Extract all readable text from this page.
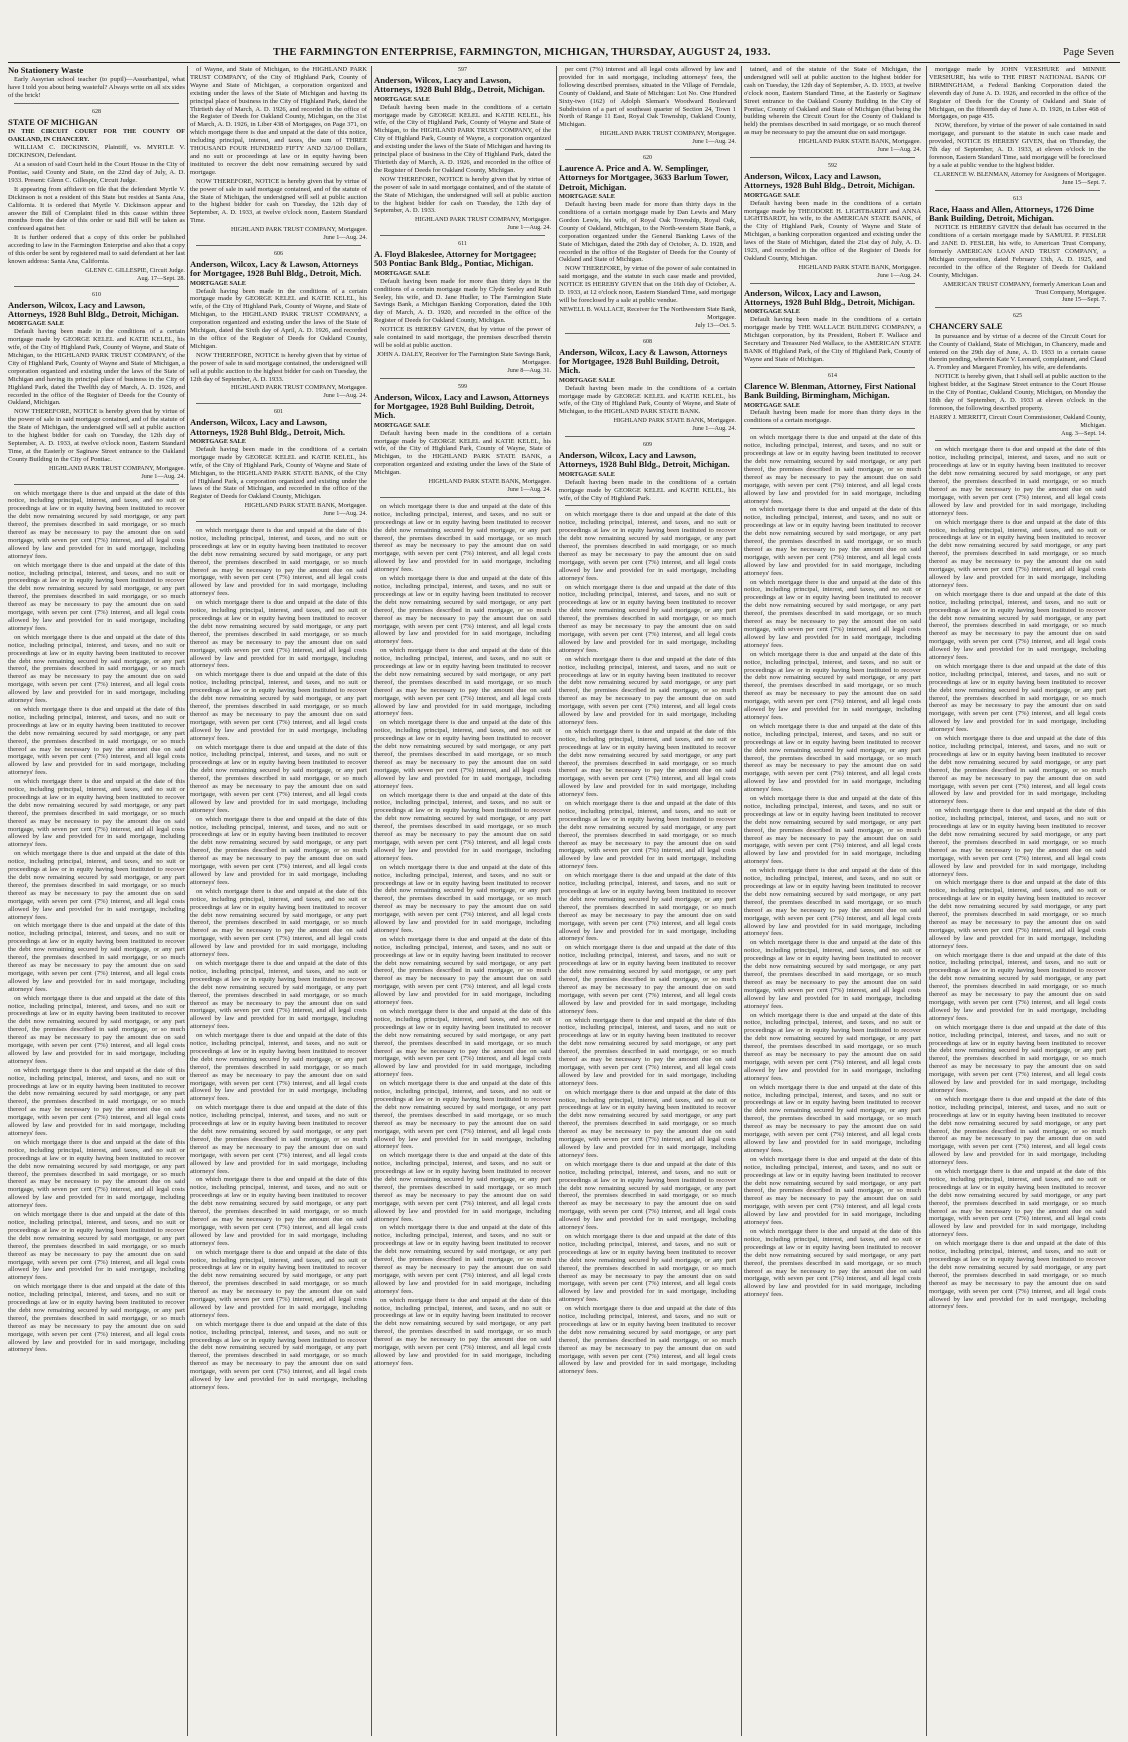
THE FARMINGTON ENTERPRISE, FARMINGTON, MICHIGAN, THURSDAY, AUGUST 24, 1933.	Page Seven
No Stationery Waste

Early Assyrian school teacher (to pupil)—Assurbanipal, what have I told you about being wasteful? Always write on all six sides of the brick!

628
STATE OF MICHIGAN
IN THE CIRCUIT COURT FOR THE COUNTY OF OAKLAND, IN CHANCERY.

WILLIAM C. DICKINSON, Plaintiff, vs. MYRTLE V. DICKINSON, Defendant.

At a session of said Court held in the Court House in the City of Pontiac, said County and State, on the 22nd day of July, A. D. 1933. Present: Glenn C. Gillespie, Circuit Judge.

It appearing from affidavit on file that the defendant Myrtle V. Dickinson is not a resident of this State but resides at Santa Ana, California. It is ordered that Myrtle V. Dickinson appear and answer the Bill of Complaint filed in this cause within three months from the date of this order or said Bill will be taken as confessed against her.

It is further ordered that a copy of this order be published according to law in the Farmington Enterprise and also that a copy of this order be sent by registered mail to said defendant at her last known address: Santa Ana, California.

GLENN C. GILLESPIE, Circuit Judge.
Aug. 17—Sept. 28.
610
Anderson, Wilcox, Lacy and Lawson, Attorneys, 1928 Buhl Bldg., Detroit, Michigan.
MORTGAGE SALE

Default having been made in the conditions of a certain mortgage made by GEORGE KELEL and KATIE KELEL, his wife, of the City of Highland Park, County of Wayne, and State of Michigan, to the HIGHLAND PARK TRUST COMPANY, of the City of Highland Park, County of Wayne and State of Michigan, a corporation organized and existing under the laws of the State of Michigan and having its principal place of business in the City of Highland Park, dated the Twelfth day of March, A. D. 1926, and recorded in the office of the Register of Deeds for the County of Oakland, Michigan.

NOW THEREFORE, NOTICE is hereby given that by virtue of the power of sale in said mortgage contained, and of the statute of the State of Michigan, the undersigned will sell at public auction to the highest bidder for cash on Tuesday, the 12th day of September, A. D. 1933, at twelve o'clock noon, Eastern Standard Time, at the Easterly or Saginaw Street entrance to the Oakland County Building in the City of Pontiac.

HIGHLAND PARK TRUST COMPANY, Mortgagee.
June 1—Aug. 24.

on which mortgage there is due and unpaid at the date of this notice, including principal, interest, and taxes, and no suit or proceedings at law or in equity having been instituted to recover the debt now remaining secured by said mortgage, or any part thereof, the premises described in said mortgage, or so much thereof as may be necessary to pay the amount due on said mortgage, with seven per cent (7%) interest, and all legal costs allowed by law and provided for in said mortgage, including attorneys' fees.

on which mortgage there is due and unpaid at the date of this notice, including principal, interest, and taxes, and no suit or proceedings at law or in equity having been instituted to recover the debt now remaining secured by said mortgage, or any part thereof, the premises described in said mortgage, or so much thereof as may be necessary to pay the amount due on said mortgage, with seven per cent (7%) interest, and all legal costs allowed by law and provided for in said mortgage, including attorneys' fees.

on which mortgage there is due and unpaid at the date of this notice, including principal, interest, and taxes, and no suit or proceedings at law or in equity having been instituted to recover the debt now remaining secured by said mortgage, or any part thereof, the premises described in said mortgage, or so much thereof as may be necessary to pay the amount due on said mortgage, with seven per cent (7%) interest, and all legal costs allowed by law and provided for in said mortgage, including attorneys' fees.

on which mortgage there is due and unpaid at the date of this notice, including principal, interest, and taxes, and no suit or proceedings at law or in equity having been instituted to recover the debt now remaining secured by said mortgage, or any part thereof, the premises described in said mortgage, or so much thereof as may be necessary to pay the amount due on said mortgage, with seven per cent (7%) interest, and all legal costs allowed by law and provided for in said mortgage, including attorneys' fees.

on which mortgage there is due and unpaid at the date of this notice, including principal, interest, and taxes, and no suit or proceedings at law or in equity having been instituted to recover the debt now remaining secured by said mortgage, or any part thereof, the premises described in said mortgage, or so much thereof as may be necessary to pay the amount due on said mortgage, with seven per cent (7%) interest, and all legal costs allowed by law and provided for in said mortgage, including attorneys' fees.

on which mortgage there is due and unpaid at the date of this notice, including principal, interest, and taxes, and no suit or proceedings at law or in equity having been instituted to recover the debt now remaining secured by said mortgage, or any part thereof, the premises described in said mortgage, or so much thereof as may be necessary to pay the amount due on said mortgage, with seven per cent (7%) interest, and all legal costs allowed by law and provided for in said mortgage, including attorneys' fees.

on which mortgage there is due and unpaid at the date of this notice, including principal, interest, and taxes, and no suit or proceedings at law or in equity having been instituted to recover the debt now remaining secured by said mortgage, or any part thereof, the premises described in said mortgage, or so much thereof as may be necessary to pay the amount due on said mortgage, with seven per cent (7%) interest, and all legal costs allowed by law and provided for in said mortgage, including attorneys' fees.

on which mortgage there is due and unpaid at the date of this notice, including principal, interest, and taxes, and no suit or proceedings at law or in equity having been instituted to recover the debt now remaining secured by said mortgage, or any part thereof, the premises described in said mortgage, or so much thereof as may be necessary to pay the amount due on said mortgage, with seven per cent (7%) interest, and all legal costs allowed by law and provided for in said mortgage, including attorneys' fees.

on which mortgage there is due and unpaid at the date of this notice, including principal, interest, and taxes, and no suit or proceedings at law or in equity having been instituted to recover the debt now remaining secured by said mortgage, or any part thereof, the premises described in said mortgage, or so much thereof as may be necessary to pay the amount due on said mortgage, with seven per cent (7%) interest, and all legal costs allowed by law and provided for in said mortgage, including attorneys' fees.

on which mortgage there is due and unpaid at the date of this notice, including principal, interest, and taxes, and no suit or proceedings at law or in equity having been instituted to recover the debt now remaining secured by said mortgage, or any part thereof, the premises described in said mortgage, or so much thereof as may be necessary to pay the amount due on said mortgage, with seven per cent (7%) interest, and all legal costs allowed by law and provided for in said mortgage, including attorneys' fees.

on which mortgage there is due and unpaid at the date of this notice, including principal, interest, and taxes, and no suit or proceedings at law or in equity having been instituted to recover the debt now remaining secured by said mortgage, or any part thereof, the premises described in said mortgage, or so much thereof as may be necessary to pay the amount due on said mortgage, with seven per cent (7%) interest, and all legal costs allowed by law and provided for in said mortgage, including attorneys' fees.

on which mortgage there is due and unpaid at the date of this notice, including principal, interest, and taxes, and no suit or proceedings at law or in equity having been instituted to recover the debt now remaining secured by said mortgage, or any part thereof, the premises described in said mortgage, or so much thereof as may be necessary to pay the amount due on said mortgage, with seven per cent (7%) interest, and all legal costs allowed by law and provided for in said mortgage, including attorneys' fees.

of Wayne, and State of Michigan, to the HIGHLAND PARK TRUST COMPANY, of the City of Highland Park, County of Wayne and State of Michigan, a corporation organized and existing under the laws of the State of Michigan and having its principal place of business in the City of Highland Park, dated the Thirtieth day of March, A. D. 1926, and recorded in the office of the Register of Deeds for Oakland County, Michigan, on the 31st of March, A. D. 1926, in Liber 438 of Mortgages, on Page 371, on which mortgage there is due and unpaid at the date of this notice, including principal, interest, and taxes, the sum of THREE THOUSAND FOUR HUNDRED FIFTY AND 32/100 Dollars, and no suit or proceedings at law or in equity having been instituted to recover the debt now remaining secured by said mortgage.

NOW THEREFORE, NOTICE is hereby given that by virtue of the power of sale in said mortgage contained, and of the statute of the State of Michigan, the undersigned will sell at public auction to the highest bidder for cash on Tuesday, the 12th day of September, A. D. 1933, at twelve o'clock noon, Eastern Standard Time.

HIGHLAND PARK TRUST COMPANY, Mortgagee.
June 1—Aug. 24.
606
Anderson, Wilcox, Lacy & Lawson, Attorneys for Mortgagee, 1928 Buhl Bldg., Detroit, Mich.
MORTGAGE SALE

Default having been made in the conditions of a certain mortgage made by GEORGE KELEL and KATIE KELEL, his wife, of the City of Highland Park, County of Wayne, and State of Michigan, to the HIGHLAND PARK TRUST COMPANY, a corporation organized and existing under the laws of the State of Michigan, dated the Sixth day of April, A. D. 1926, and recorded in the office of the Register of Deeds for Oakland County, Michigan.

NOW THEREFORE, NOTICE is hereby given that by virtue of the power of sale in said mortgage contained, the undersigned will sell at public auction to the highest bidder for cash on Tuesday, the 12th day of September, A. D. 1933.

HIGHLAND PARK TRUST COMPANY, Mortgagee.
June 1—Aug. 24.
601
Anderson, Wilcox, Lacy and Lawson, Attorneys, 1928 Buhl Bldg., Detroit, Mich.
MORTGAGE SALE

Default having been made in the conditions of a certain mortgage made by GEORGE KELEL and KATIE KELEL, his wife, of the City of Highland Park, County of Wayne and State of Michigan, to the HIGHLAND PARK STATE BANK, of the City of Highland Park, a corporation organized and existing under the laws of the State of Michigan, and recorded in the office of the Register of Deeds for Oakland County, Michigan.

HIGHLAND PARK STATE BANK, Mortgagee.
June 1—Aug. 24.

on which mortgage there is due and unpaid at the date of this notice, including principal, interest, and taxes, and no suit or proceedings at law or in equity having been instituted to recover the debt now remaining secured by said mortgage, or any part thereof, the premises described in said mortgage, or so much thereof as may be necessary to pay the amount due on said mortgage, with seven per cent (7%) interest, and all legal costs allowed by law and provided for in said mortgage, including attorneys' fees.

on which mortgage there is due and unpaid at the date of this notice, including principal, interest, and taxes, and no suit or proceedings at law or in equity having been instituted to recover the debt now remaining secured by said mortgage, or any part thereof, the premises described in said mortgage, or so much thereof as may be necessary to pay the amount due on said mortgage, with seven per cent (7%) interest, and all legal costs allowed by law and provided for in said mortgage, including attorneys' fees.

on which mortgage there is due and unpaid at the date of this notice, including principal, interest, and taxes, and no suit or proceedings at law or in equity having been instituted to recover the debt now remaining secured by said mortgage, or any part thereof, the premises described in said mortgage, or so much thereof as may be necessary to pay the amount due on said mortgage, with seven per cent (7%) interest, and all legal costs allowed by law and provided for in said mortgage, including attorneys' fees.

on which mortgage there is due and unpaid at the date of this notice, including principal, interest, and taxes, and no suit or proceedings at law or in equity having been instituted to recover the debt now remaining secured by said mortgage, or any part thereof, the premises described in said mortgage, or so much thereof as may be necessary to pay the amount due on said mortgage, with seven per cent (7%) interest, and all legal costs allowed by law and provided for in said mortgage, including attorneys' fees.

on which mortgage there is due and unpaid at the date of this notice, including principal, interest, and taxes, and no suit or proceedings at law or in equity having been instituted to recover the debt now remaining secured by said mortgage, or any part thereof, the premises described in said mortgage, or so much thereof as may be necessary to pay the amount due on said mortgage, with seven per cent (7%) interest, and all legal costs allowed by law and provided for in said mortgage, including attorneys' fees.

on which mortgage there is due and unpaid at the date of this notice, including principal, interest, and taxes, and no suit or proceedings at law or in equity having been instituted to recover the debt now remaining secured by said mortgage, or any part thereof, the premises described in said mortgage, or so much thereof as may be necessary to pay the amount due on said mortgage, with seven per cent (7%) interest, and all legal costs allowed by law and provided for in said mortgage, including attorneys' fees.

on which mortgage there is due and unpaid at the date of this notice, including principal, interest, and taxes, and no suit or proceedings at law or in equity having been instituted to recover the debt now remaining secured by said mortgage, or any part thereof, the premises described in said mortgage, or so much thereof as may be necessary to pay the amount due on said mortgage, with seven per cent (7%) interest, and all legal costs allowed by law and provided for in said mortgage, including attorneys' fees.

on which mortgage there is due and unpaid at the date of this notice, including principal, interest, and taxes, and no suit or proceedings at law or in equity having been instituted to recover the debt now remaining secured by said mortgage, or any part thereof, the premises described in said mortgage, or so much thereof as may be necessary to pay the amount due on said mortgage, with seven per cent (7%) interest, and all legal costs allowed by law and provided for in said mortgage, including attorneys' fees.

on which mortgage there is due and unpaid at the date of this notice, including principal, interest, and taxes, and no suit or proceedings at law or in equity having been instituted to recover the debt now remaining secured by said mortgage, or any part thereof, the premises described in said mortgage, or so much thereof as may be necessary to pay the amount due on said mortgage, with seven per cent (7%) interest, and all legal costs allowed by law and provided for in said mortgage, including attorneys' fees.

on which mortgage there is due and unpaid at the date of this notice, including principal, interest, and taxes, and no suit or proceedings at law or in equity having been instituted to recover the debt now remaining secured by said mortgage, or any part thereof, the premises described in said mortgage, or so much thereof as may be necessary to pay the amount due on said mortgage, with seven per cent (7%) interest, and all legal costs allowed by law and provided for in said mortgage, including attorneys' fees.

on which mortgage there is due and unpaid at the date of this notice, including principal, interest, and taxes, and no suit or proceedings at law or in equity having been instituted to recover the debt now remaining secured by said mortgage, or any part thereof, the premises described in said mortgage, or so much thereof as may be necessary to pay the amount due on said mortgage, with seven per cent (7%) interest, and all legal costs allowed by law and provided for in said mortgage, including attorneys' fees.

on which mortgage there is due and unpaid at the date of this notice, including principal, interest, and taxes, and no suit or proceedings at law or in equity having been instituted to recover the debt now remaining secured by said mortgage, or any part thereof, the premises described in said mortgage, or so much thereof as may be necessary to pay the amount due on said mortgage, with seven per cent (7%) interest, and all legal costs allowed by law and provided for in said mortgage, including attorneys' fees.

597
Anderson, Wilcox, Lacy and Lawson, Attorneys, 1928 Buhl Bldg., Detroit, Michigan.
MORTGAGE SALE

Default having been made in the conditions of a certain mortgage made by GEORGE KELEL and KATIE KELEL, his wife, of the City of Highland Park, County of Wayne and State of Michigan, to the HIGHLAND PARK TRUST COMPANY, of the City of Highland Park, County of Wayne, a corporation organized and existing under the laws of the State of Michigan and having its principal place of business in the City of Highland Park, dated the Thirtieth day of March, A. D. 1926, and recorded in the office of the Register of Deeds for Oakland County, Michigan.

NOW THEREFORE, NOTICE is hereby given that by virtue of the power of sale in said mortgage contained, and of the statute of the State of Michigan, the undersigned will sell at public auction to the highest bidder for cash on Tuesday, the 12th day of September, A. D. 1933.

HIGHLAND PARK TRUST COMPANY, Mortgagee.
June 1—Aug. 24.
611
A. Floyd Blakeslee, Attorney for Mortgagee; 503 Pontiac Bank Bldg., Pontiac, Michigan.
MORTGAGE SALE

Default having been made for more than thirty days in the conditions of a certain mortgage made by Clyde Seeley and Ruth Seeley, his wife, and D. Jane Hudler, to The Farmington State Savings Bank, a Michigan Banking Corporation, dated the 10th day of March, A. D. 1920, and recorded in the office of the Register of Deeds for Oakland County, Michigan.

NOTICE IS HEREBY GIVEN, that by virtue of the power of sale contained in said mortgage, the premises described therein will be sold at public auction.

JOHN A. DALEY, Receiver for The Farmington State Savings Bank, Mortgagee.
June 8—Aug. 31.
599
Anderson, Wilcox, Lacy and Lawson, Attorneys for Mortgagee, 1928 Buhl Building, Detroit, Mich.
MORTGAGE SALE

Default having been made in the conditions of a certain mortgage made by GEORGE KELEL and KATIE KELEL, his wife, of the City of Highland Park, County of Wayne, State of Michigan, to the HIGHLAND PARK STATE BANK, a corporation organized and existing under the laws of the State of Michigan.

HIGHLAND PARK STATE BANK, Mortgagee.
June 1—Aug. 24.

on which mortgage there is due and unpaid at the date of this notice, including principal, interest, and taxes, and no suit or proceedings at law or in equity having been instituted to recover the debt now remaining secured by said mortgage, or any part thereof, the premises described in said mortgage, or so much thereof as may be necessary to pay the amount due on said mortgage, with seven per cent (7%) interest, and all legal costs allowed by law and provided for in said mortgage, including attorneys' fees.

on which mortgage there is due and unpaid at the date of this notice, including principal, interest, and taxes, and no suit or proceedings at law or in equity having been instituted to recover the debt now remaining secured by said mortgage, or any part thereof, the premises described in said mortgage, or so much thereof as may be necessary to pay the amount due on said mortgage, with seven per cent (7%) interest, and all legal costs allowed by law and provided for in said mortgage, including attorneys' fees.

on which mortgage there is due and unpaid at the date of this notice, including principal, interest, and taxes, and no suit or proceedings at law or in equity having been instituted to recover the debt now remaining secured by said mortgage, or any part thereof, the premises described in said mortgage, or so much thereof as may be necessary to pay the amount due on said mortgage, with seven per cent (7%) interest, and all legal costs allowed by law and provided for in said mortgage, including attorneys' fees.

on which mortgage there is due and unpaid at the date of this notice, including principal, interest, and taxes, and no suit or proceedings at law or in equity having been instituted to recover the debt now remaining secured by said mortgage, or any part thereof, the premises described in said mortgage, or so much thereof as may be necessary to pay the amount due on said mortgage, with seven per cent (7%) interest, and all legal costs allowed by law and provided for in said mortgage, including attorneys' fees.

on which mortgage there is due and unpaid at the date of this notice, including principal, interest, and taxes, and no suit or proceedings at law or in equity having been instituted to recover the debt now remaining secured by said mortgage, or any part thereof, the premises described in said mortgage, or so much thereof as may be necessary to pay the amount due on said mortgage, with seven per cent (7%) interest, and all legal costs allowed by law and provided for in said mortgage, including attorneys' fees.

on which mortgage there is due and unpaid at the date of this notice, including principal, interest, and taxes, and no suit or proceedings at law or in equity having been instituted to recover the debt now remaining secured by said mortgage, or any part thereof, the premises described in said mortgage, or so much thereof as may be necessary to pay the amount due on said mortgage, with seven per cent (7%) interest, and all legal costs allowed by law and provided for in said mortgage, including attorneys' fees.

on which mortgage there is due and unpaid at the date of this notice, including principal, interest, and taxes, and no suit or proceedings at law or in equity having been instituted to recover the debt now remaining secured by said mortgage, or any part thereof, the premises described in said mortgage, or so much thereof as may be necessary to pay the amount due on said mortgage, with seven per cent (7%) interest, and all legal costs allowed by law and provided for in said mortgage, including attorneys' fees.

on which mortgage there is due and unpaid at the date of this notice, including principal, interest, and taxes, and no suit or proceedings at law or in equity having been instituted to recover the debt now remaining secured by said mortgage, or any part thereof, the premises described in said mortgage, or so much thereof as may be necessary to pay the amount due on said mortgage, with seven per cent (7%) interest, and all legal costs allowed by law and provided for in said mortgage, including attorneys' fees.

on which mortgage there is due and unpaid at the date of this notice, including principal, interest, and taxes, and no suit or proceedings at law or in equity having been instituted to recover the debt now remaining secured by said mortgage, or any part thereof, the premises described in said mortgage, or so much thereof as may be necessary to pay the amount due on said mortgage, with seven per cent (7%) interest, and all legal costs allowed by law and provided for in said mortgage, including attorneys' fees.

on which mortgage there is due and unpaid at the date of this notice, including principal, interest, and taxes, and no suit or proceedings at law or in equity having been instituted to recover the debt now remaining secured by said mortgage, or any part thereof, the premises described in said mortgage, or so much thereof as may be necessary to pay the amount due on said mortgage, with seven per cent (7%) interest, and all legal costs allowed by law and provided for in said mortgage, including attorneys' fees.

on which mortgage there is due and unpaid at the date of this notice, including principal, interest, and taxes, and no suit or proceedings at law or in equity having been instituted to recover the debt now remaining secured by said mortgage, or any part thereof, the premises described in said mortgage, or so much thereof as may be necessary to pay the amount due on said mortgage, with seven per cent (7%) interest, and all legal costs allowed by law and provided for in said mortgage, including attorneys' fees.

on which mortgage there is due and unpaid at the date of this notice, including principal, interest, and taxes, and no suit or proceedings at law or in equity having been instituted to recover the debt now remaining secured by said mortgage, or any part thereof, the premises described in said mortgage, or so much thereof as may be necessary to pay the amount due on said mortgage, with seven per cent (7%) interest, and all legal costs allowed by law and provided for in said mortgage, including attorneys' fees.

per cent (7%) interest and all legal costs allowed by law and provided for in said mortgage, including attorneys' fees, the following described premises, situated in the Village of Ferndale, County of Oakland, and State of Michigan: Lot No. One Hundred Sixty-two (162) of Adolph Sleman's Woodward Boulevard Subdivision of a part of southeast quarter of Section 24, Town 1 North of Range 11 East, Royal Oak Township, Oakland County, Michigan.

HIGHLAND PARK TRUST COMPANY, Mortgagee.
June 1—Aug. 24.
620
Laurence A. Price and A. W. Semplinger, Attorneys for Mortgagee, 3633 Barlum Tower, Detroit, Michigan.
MORTGAGE SALE

Default having been made for more than thirty days in the conditions of a certain mortgage made by Dan Lewis and Mary Gordon Lewis, his wife, of Royal Oak Township, Royal Oak, County of Oakland, Michigan, to the North-western State Bank, a corporation organized under the General Banking Laws of the State of Michigan, dated the 29th day of October, A. D. 1928, and recorded in the office of the Register of Deeds for the County of Oakland and State of Michigan.

NOW THEREFORE, by virtue of the power of sale contained in said mortgage, and the statute in such case made and provided, NOTICE IS HEREBY GIVEN that on the 16th day of October, A. D. 1933, at 12 o'clock noon, Eastern Standard Time, said mortgage will be foreclosed by a sale at public vendue.

NEWELL B. WALLACE, Receiver for The Northwestern State Bank, Mortgagee.
July 13—Oct. 5.
608
Anderson, Wilcox, Lacy & Lawson, Attorneys for Mortgagee, 1928 Buhl Building, Detroit, Mich.
MORTGAGE SALE

Default having been made in the conditions of a certain mortgage made by GEORGE KELEL and KATIE KELEL, his wife, of the City of Highland Park, County of Wayne, and State of Michigan, to the HIGHLAND PARK STATE BANK.

HIGHLAND PARK STATE BANK, Mortgagee.
June 1—Aug. 24.
609
Anderson, Wilcox, Lacy and Lawson, Attorneys, 1928 Buhl Bldg., Detroit, Michigan.
MORTGAGE SALE

Default having been made in the conditions of a certain mortgage made by GEORGE KELEL and KATIE KELEL, his wife, of the City of Highland Park.

on which mortgage there is due and unpaid at the date of this notice, including principal, interest, and taxes, and no suit or proceedings at law or in equity having been instituted to recover the debt now remaining secured by said mortgage, or any part thereof, the premises described in said mortgage, or so much thereof as may be necessary to pay the amount due on said mortgage, with seven per cent (7%) interest, and all legal costs allowed by law and provided for in said mortgage, including attorneys' fees.

on which mortgage there is due and unpaid at the date of this notice, including principal, interest, and taxes, and no suit or proceedings at law or in equity having been instituted to recover the debt now remaining secured by said mortgage, or any part thereof, the premises described in said mortgage, or so much thereof as may be necessary to pay the amount due on said mortgage, with seven per cent (7%) interest, and all legal costs allowed by law and provided for in said mortgage, including attorneys' fees.

on which mortgage there is due and unpaid at the date of this notice, including principal, interest, and taxes, and no suit or proceedings at law or in equity having been instituted to recover the debt now remaining secured by said mortgage, or any part thereof, the premises described in said mortgage, or so much thereof as may be necessary to pay the amount due on said mortgage, with seven per cent (7%) interest, and all legal costs allowed by law and provided for in said mortgage, including attorneys' fees.

on which mortgage there is due and unpaid at the date of this notice, including principal, interest, and taxes, and no suit or proceedings at law or in equity having been instituted to recover the debt now remaining secured by said mortgage, or any part thereof, the premises described in said mortgage, or so much thereof as may be necessary to pay the amount due on said mortgage, with seven per cent (7%) interest, and all legal costs allowed by law and provided for in said mortgage, including attorneys' fees.

on which mortgage there is due and unpaid at the date of this notice, including principal, interest, and taxes, and no suit or proceedings at law or in equity having been instituted to recover the debt now remaining secured by said mortgage, or any part thereof, the premises described in said mortgage, or so much thereof as may be necessary to pay the amount due on said mortgage, with seven per cent (7%) interest, and all legal costs allowed by law and provided for in said mortgage, including attorneys' fees.

on which mortgage there is due and unpaid at the date of this notice, including principal, interest, and taxes, and no suit or proceedings at law or in equity having been instituted to recover the debt now remaining secured by said mortgage, or any part thereof, the premises described in said mortgage, or so much thereof as may be necessary to pay the amount due on said mortgage, with seven per cent (7%) interest, and all legal costs allowed by law and provided for in said mortgage, including attorneys' fees.

on which mortgage there is due and unpaid at the date of this notice, including principal, interest, and taxes, and no suit or proceedings at law or in equity having been instituted to recover the debt now remaining secured by said mortgage, or any part thereof, the premises described in said mortgage, or so much thereof as may be necessary to pay the amount due on said mortgage, with seven per cent (7%) interest, and all legal costs allowed by law and provided for in said mortgage, including attorneys' fees.

on which mortgage there is due and unpaid at the date of this notice, including principal, interest, and taxes, and no suit or proceedings at law or in equity having been instituted to recover the debt now remaining secured by said mortgage, or any part thereof, the premises described in said mortgage, or so much thereof as may be necessary to pay the amount due on said mortgage, with seven per cent (7%) interest, and all legal costs allowed by law and provided for in said mortgage, including attorneys' fees.

on which mortgage there is due and unpaid at the date of this notice, including principal, interest, and taxes, and no suit or proceedings at law or in equity having been instituted to recover the debt now remaining secured by said mortgage, or any part thereof, the premises described in said mortgage, or so much thereof as may be necessary to pay the amount due on said mortgage, with seven per cent (7%) interest, and all legal costs allowed by law and provided for in said mortgage, including attorneys' fees.

on which mortgage there is due and unpaid at the date of this notice, including principal, interest, and taxes, and no suit or proceedings at law or in equity having been instituted to recover the debt now remaining secured by said mortgage, or any part thereof, the premises described in said mortgage, or so much thereof as may be necessary to pay the amount due on said mortgage, with seven per cent (7%) interest, and all legal costs allowed by law and provided for in said mortgage, including attorneys' fees.

on which mortgage there is due and unpaid at the date of this notice, including principal, interest, and taxes, and no suit or proceedings at law or in equity having been instituted to recover the debt now remaining secured by said mortgage, or any part thereof, the premises described in said mortgage, or so much thereof as may be necessary to pay the amount due on said mortgage, with seven per cent (7%) interest, and all legal costs allowed by law and provided for in said mortgage, including attorneys' fees.

on which mortgage there is due and unpaid at the date of this notice, including principal, interest, and taxes, and no suit or proceedings at law or in equity having been instituted to recover the debt now remaining secured by said mortgage, or any part thereof, the premises described in said mortgage, or so much thereof as may be necessary to pay the amount due on said mortgage, with seven per cent (7%) interest, and all legal costs allowed by law and provided for in said mortgage, including attorneys' fees.

tained, and of the statute of the State of Michigan, the undersigned will sell at public auction to the highest bidder for cash on Tuesday, the 12th day of September, A. D. 1933, at twelve o'clock noon, Eastern Standard Time, at the Easterly or Saginaw Street entrance to the Oakland County Building in the City of Pontiac, County of Oakland and State of Michigan (that being the building wherein the Circuit Court for the County of Oakland is held) the premises described in said mortgage, or so much thereof as may be necessary to pay the amount due on said mortgage.

HIGHLAND PARK STATE BANK, Mortgagee.
June 1—Aug. 24.
592
Anderson, Wilcox, Lacy and Lawson, Attorneys, 1928 Buhl Bldg., Detroit, Michigan.
MORTGAGE SALE

Default having been made in the conditions of a certain mortgage made by THEODORE H. LIGHTBARDT and ANNA LIGHTBARDT, his wife, to the AMERICAN STATE BANK, of the City of Highland Park, County of Wayne and State of Michigan, a banking corporation organized and existing under the laws of the State of Michigan, dated the 21st day of July, A. D. 1923, and recorded in the office of the Register of Deeds for Oakland County, Michigan.

HIGHLAND PARK STATE BANK, Mortgagee.
June 1—Aug. 24.
Anderson, Wilcox, Lacy and Lawson, Attorneys, 1928 Buhl Bldg., Detroit, Michigan.
MORTGAGE SALE

Default having been made in the conditions of a certain mortgage made by THE WALLACE BUILDING COMPANY, a Michigan corporation, by its President, Robert F. Wallace and Secretary and Treasurer Ned Wallace, to the AMERICAN STATE BANK of Highland Park, of the City of Highland Park, County of Wayne and State of Michigan.

614
Clarence W. Blenman, Attorney, First National Bank Building, Birmingham, Michigan.
MORTGAGE SALE

Default having been made for more than thirty days in the conditions of a certain mortgage.

on which mortgage there is due and unpaid at the date of this notice, including principal, interest, and taxes, and no suit or proceedings at law or in equity having been instituted to recover the debt now remaining secured by said mortgage, or any part thereof, the premises described in said mortgage, or so much thereof as may be necessary to pay the amount due on said mortgage, with seven per cent (7%) interest, and all legal costs allowed by law and provided for in said mortgage, including attorneys' fees.

on which mortgage there is due and unpaid at the date of this notice, including principal, interest, and taxes, and no suit or proceedings at law or in equity having been instituted to recover the debt now remaining secured by said mortgage, or any part thereof, the premises described in said mortgage, or so much thereof as may be necessary to pay the amount due on said mortgage, with seven per cent (7%) interest, and all legal costs allowed by law and provided for in said mortgage, including attorneys' fees.

on which mortgage there is due and unpaid at the date of this notice, including principal, interest, and taxes, and no suit or proceedings at law or in equity having been instituted to recover the debt now remaining secured by said mortgage, or any part thereof, the premises described in said mortgage, or so much thereof as may be necessary to pay the amount due on said mortgage, with seven per cent (7%) interest, and all legal costs allowed by law and provided for in said mortgage, including attorneys' fees.

on which mortgage there is due and unpaid at the date of this notice, including principal, interest, and taxes, and no suit or proceedings at law or in equity having been instituted to recover the debt now remaining secured by said mortgage, or any part thereof, the premises described in said mortgage, or so much thereof as may be necessary to pay the amount due on said mortgage, with seven per cent (7%) interest, and all legal costs allowed by law and provided for in said mortgage, including attorneys' fees.

on which mortgage there is due and unpaid at the date of this notice, including principal, interest, and taxes, and no suit or proceedings at law or in equity having been instituted to recover the debt now remaining secured by said mortgage, or any part thereof, the premises described in said mortgage, or so much thereof as may be necessary to pay the amount due on said mortgage, with seven per cent (7%) interest, and all legal costs allowed by law and provided for in said mortgage, including attorneys' fees.

on which mortgage there is due and unpaid at the date of this notice, including principal, interest, and taxes, and no suit or proceedings at law or in equity having been instituted to recover the debt now remaining secured by said mortgage, or any part thereof, the premises described in said mortgage, or so much thereof as may be necessary to pay the amount due on said mortgage, with seven per cent (7%) interest, and all legal costs allowed by law and provided for in said mortgage, including attorneys' fees.

on which mortgage there is due and unpaid at the date of this notice, including principal, interest, and taxes, and no suit or proceedings at law or in equity having been instituted to recover the debt now remaining secured by said mortgage, or any part thereof, the premises described in said mortgage, or so much thereof as may be necessary to pay the amount due on said mortgage, with seven per cent (7%) interest, and all legal costs allowed by law and provided for in said mortgage, including attorneys' fees.

on which mortgage there is due and unpaid at the date of this notice, including principal, interest, and taxes, and no suit or proceedings at law or in equity having been instituted to recover the debt now remaining secured by said mortgage, or any part thereof, the premises described in said mortgage, or so much thereof as may be necessary to pay the amount due on said mortgage, with seven per cent (7%) interest, and all legal costs allowed by law and provided for in said mortgage, including attorneys' fees.

on which mortgage there is due and unpaid at the date of this notice, including principal, interest, and taxes, and no suit or proceedings at law or in equity having been instituted to recover the debt now remaining secured by said mortgage, or any part thereof, the premises described in said mortgage, or so much thereof as may be necessary to pay the amount due on said mortgage, with seven per cent (7%) interest, and all legal costs allowed by law and provided for in said mortgage, including attorneys' fees.

on which mortgage there is due and unpaid at the date of this notice, including principal, interest, and taxes, and no suit or proceedings at law or in equity having been instituted to recover the debt now remaining secured by said mortgage, or any part thereof, the premises described in said mortgage, or so much thereof as may be necessary to pay the amount due on said mortgage, with seven per cent (7%) interest, and all legal costs allowed by law and provided for in said mortgage, including attorneys' fees.

on which mortgage there is due and unpaid at the date of this notice, including principal, interest, and taxes, and no suit or proceedings at law or in equity having been instituted to recover the debt now remaining secured by said mortgage, or any part thereof, the premises described in said mortgage, or so much thereof as may be necessary to pay the amount due on said mortgage, with seven per cent (7%) interest, and all legal costs allowed by law and provided for in said mortgage, including attorneys' fees.

on which mortgage there is due and unpaid at the date of this notice, including principal, interest, and taxes, and no suit or proceedings at law or in equity having been instituted to recover the debt now remaining secured by said mortgage, or any part thereof, the premises described in said mortgage, or so much thereof as may be necessary to pay the amount due on said mortgage, with seven per cent (7%) interest, and all legal costs allowed by law and provided for in said mortgage, including attorneys' fees.

mortgage made by JOHN VERSHURE and MINNIE VERSHURE, his wife to THE FIRST NATIONAL BANK OF BIRMINGHAM, a Federal Banking Corporation dated the eleventh day of June A. D. 1926, and recorded in the office of the Register of Deeds for the County of Oakland and State of Michigan, on the fifteenth day of June A. D. 1926, in Liber 468 of Mortgages, on page 435.

NOW, therefore, by virtue of the power of sale contained in said mortgage, and pursuant to the statute in such case made and provided, NOTICE IS HEREBY GIVEN, that on Thursday, the 7th day of September, A. D. 1933, at eleven o'clock in the forenoon, Eastern Standard Time, said mortgage will be foreclosed by a sale at public vendue to the highest bidder.

CLARENCE W. BLENMAN, Attorney for Assignees of Mortgagee.
June 15—Sept. 7.
613
Race, Haass and Allen, Attorneys, 1726 Dime Bank Building, Detroit, Michigan.

NOTICE IS HEREBY GIVEN that default has occurred in the conditions of a certain mortgage made by SAMUEL P. FESLER and JANE D. FESLER, his wife, to American Trust Company, formerly AMERICAN LOAN AND TRUST COMPANY, a Michigan corporation, dated February 13th, A. D. 1925, and recorded in the office of the Register of Deeds for Oakland County, Michigan.

AMERICAN TRUST COMPANY, formerly American Loan and Trust Company, Mortgagee.
June 15—Sept. 7.
625
CHANCERY SALE

In pursuance and by virtue of a decree of the Circuit Court for the County of Oakland, State of Michigan, in Chancery, made and entered on the 29th day of June, A. D. 1933 in a certain cause therein pending, wherein Kate V. Leonard, complainant, and Claud A. Fromley and Margaret Fromley, his wife, are defendants.

NOTICE is hereby given, that I shall sell at public auction to the highest bidder, at the Saginaw Street entrance to the Court House in the City of Pontiac, Oakland County, Michigan, on Monday the 18th day of September, A. D. 1933 at eleven o'clock in the forenoon, the following described property.

HARRY J. MERRITT, Circuit Court Commissioner, Oakland County, Michigan.
Aug. 3—Sept. 14.

on which mortgage there is due and unpaid at the date of this notice, including principal, interest, and taxes, and no suit or proceedings at law or in equity having been instituted to recover the debt now remaining secured by said mortgage, or any part thereof, the premises described in said mortgage, or so much thereof as may be necessary to pay the amount due on said mortgage, with seven per cent (7%) interest, and all legal costs allowed by law and provided for in said mortgage, including attorneys' fees.

on which mortgage there is due and unpaid at the date of this notice, including principal, interest, and taxes, and no suit or proceedings at law or in equity having been instituted to recover the debt now remaining secured by said mortgage, or any part thereof, the premises described in said mortgage, or so much thereof as may be necessary to pay the amount due on said mortgage, with seven per cent (7%) interest, and all legal costs allowed by law and provided for in said mortgage, including attorneys' fees.

on which mortgage there is due and unpaid at the date of this notice, including principal, interest, and taxes, and no suit or proceedings at law or in equity having been instituted to recover the debt now remaining secured by said mortgage, or any part thereof, the premises described in said mortgage, or so much thereof as may be necessary to pay the amount due on said mortgage, with seven per cent (7%) interest, and all legal costs allowed by law and provided for in said mortgage, including attorneys' fees.

on which mortgage there is due and unpaid at the date of this notice, including principal, interest, and taxes, and no suit or proceedings at law or in equity having been instituted to recover the debt now remaining secured by said mortgage, or any part thereof, the premises described in said mortgage, or so much thereof as may be necessary to pay the amount due on said mortgage, with seven per cent (7%) interest, and all legal costs allowed by law and provided for in said mortgage, including attorneys' fees.

on which mortgage there is due and unpaid at the date of this notice, including principal, interest, and taxes, and no suit or proceedings at law or in equity having been instituted to recover the debt now remaining secured by said mortgage, or any part thereof, the premises described in said mortgage, or so much thereof as may be necessary to pay the amount due on said mortgage, with seven per cent (7%) interest, and all legal costs allowed by law and provided for in said mortgage, including attorneys' fees.

on which mortgage there is due and unpaid at the date of this notice, including principal, interest, and taxes, and no suit or proceedings at law or in equity having been instituted to recover the debt now remaining secured by said mortgage, or any part thereof, the premises described in said mortgage, or so much thereof as may be necessary to pay the amount due on said mortgage, with seven per cent (7%) interest, and all legal costs allowed by law and provided for in said mortgage, including attorneys' fees.

on which mortgage there is due and unpaid at the date of this notice, including principal, interest, and taxes, and no suit or proceedings at law or in equity having been instituted to recover the debt now remaining secured by said mortgage, or any part thereof, the premises described in said mortgage, or so much thereof as may be necessary to pay the amount due on said mortgage, with seven per cent (7%) interest, and all legal costs allowed by law and provided for in said mortgage, including attorneys' fees.

on which mortgage there is due and unpaid at the date of this notice, including principal, interest, and taxes, and no suit or proceedings at law or in equity having been instituted to recover the debt now remaining secured by said mortgage, or any part thereof, the premises described in said mortgage, or so much thereof as may be necessary to pay the amount due on said mortgage, with seven per cent (7%) interest, and all legal costs allowed by law and provided for in said mortgage, including attorneys' fees.

on which mortgage there is due and unpaid at the date of this notice, including principal, interest, and taxes, and no suit or proceedings at law or in equity having been instituted to recover the debt now remaining secured by said mortgage, or any part thereof, the premises described in said mortgage, or so much thereof as may be necessary to pay the amount due on said mortgage, with seven per cent (7%) interest, and all legal costs allowed by law and provided for in said mortgage, including attorneys' fees.

on which mortgage there is due and unpaid at the date of this notice, including principal, interest, and taxes, and no suit or proceedings at law or in equity having been instituted to recover the debt now remaining secured by said mortgage, or any part thereof, the premises described in said mortgage, or so much thereof as may be necessary to pay the amount due on said mortgage, with seven per cent (7%) interest, and all legal costs allowed by law and provided for in said mortgage, including attorneys' fees.

on which mortgage there is due and unpaid at the date of this notice, including principal, interest, and taxes, and no suit or proceedings at law or in equity having been instituted to recover the debt now remaining secured by said mortgage, or any part thereof, the premises described in said mortgage, or so much thereof as may be necessary to pay the amount due on said mortgage, with seven per cent (7%) interest, and all legal costs allowed by law and provided for in said mortgage, including attorneys' fees.

on which mortgage there is due and unpaid at the date of this notice, including principal, interest, and taxes, and no suit or proceedings at law or in equity having been instituted to recover the debt now remaining secured by said mortgage, or any part thereof, the premises described in said mortgage, or so much thereof as may be necessary to pay the amount due on said mortgage, with seven per cent (7%) interest, and all legal costs allowed by law and provided for in said mortgage, including attorneys' fees.
